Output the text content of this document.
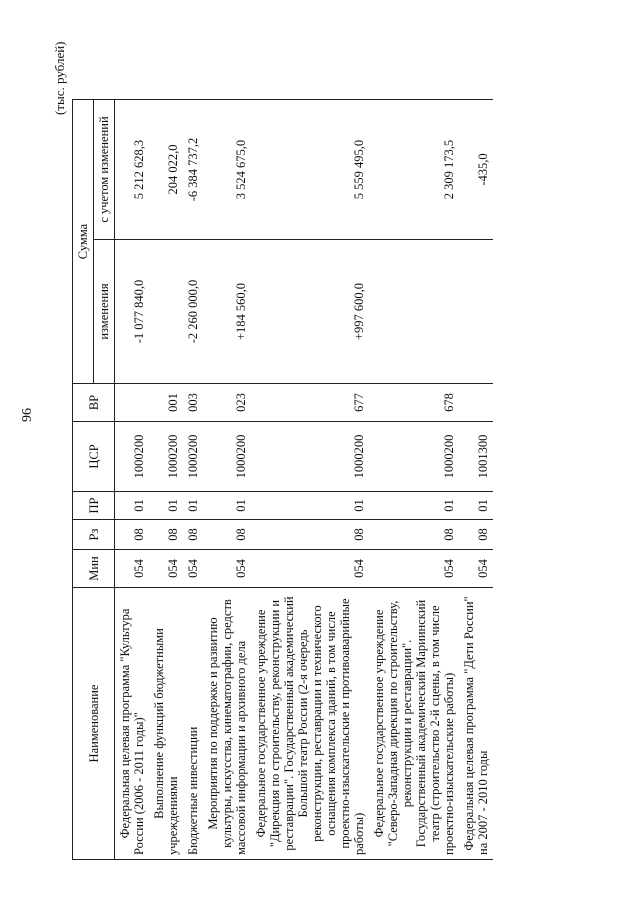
96
(тыс. рублей)
Наименование	Мин	Рз	ПР	ЦСР	ВР	Сумма	
						изменения	с учетом изменений
Федеральная целевая программа "Культура России (2006 - 2011 годы)"	054	08	01	1000200		-1 077 840,0	5 212 628,3
Выполнение функций бюджетными учреждениями	054	08	01	1000200	001		204 022,0
Бюджетные инвестиции	054	08	01	1000200	003	-2 260 000,0	-6 384 737,2
Мероприятия по поддержке и развитию культуры, искусства, кинематографии, средств массовой информации и архивного дела	054	08	01	1000200	023	+184 560,0	3 524 675,0
Федеральное государственное учреждение "Дирекция по строительству, реконструкции и реставрации". Государственный академический Большой театр России (2-я очередь реконструкции, реставрации и технического оснащения комплекса зданий, в том числе проектно-изыскательские и противоаварийные работы)	054	08	01	1000200	677	+997 600,0	5 559 495,0
Федеральное государственное учреждение "Северо-Западная дирекция по строительству, реконструкции и реставрации". Государственный академический Мариинский театр (строительство 2-й сцены, в том числе проектно-изыскательские работы)	054	08	01	1000200	678		2 309 173,5
Федеральная целевая программа "Дети России" на 2007 - 2010 годы	054	08	01	1001300			-435,0
